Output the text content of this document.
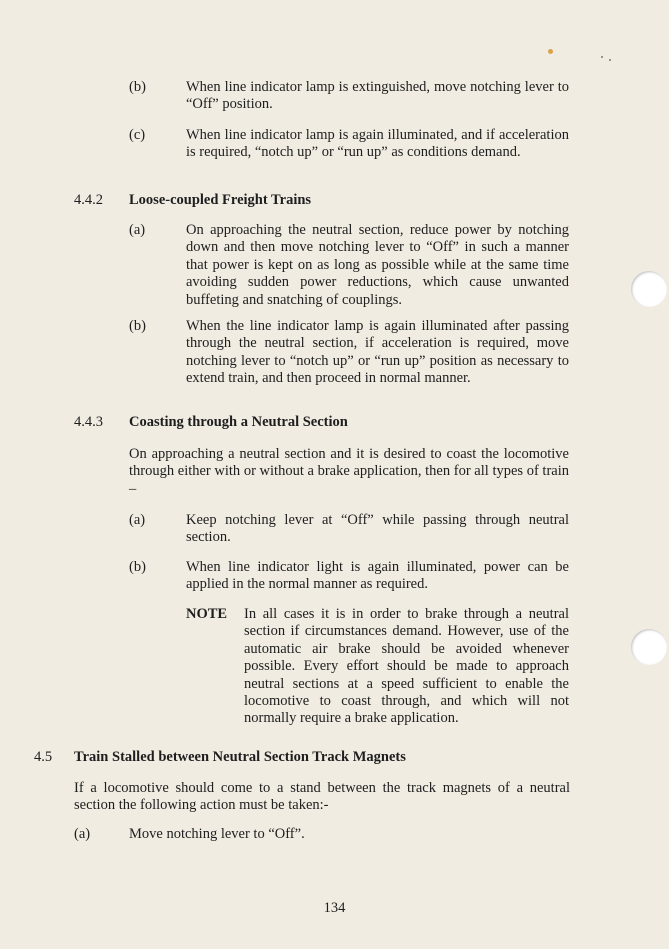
(b)	When line indicator lamp is extinguished, move notching lever to “Off” position.
(c)	When line indicator lamp is again illuminated, and if acceleration is required, “notch up” or “run up” as conditions demand.
4.4.2 Loose-coupled Freight Trains
(a)	On approaching the neutral section, reduce power by notching down and then move notching lever to “Off” in such a manner that power is kept on as long as possible while at the same time avoiding sudden power reductions, which cause unwanted buffeting and snatching of couplings.
(b)	When the line indicator lamp is again illuminated after passing through the neutral section, if acceleration is required, move notching lever to “notch up” or “run up” position as necessary to extend train, and then proceed in normal manner.
4.4.3 Coasting through a Neutral Section
On approaching a neutral section and it is desired to coast the locomotive through either with or without a brake application, then for all types of train –
(a)	Keep notching lever at “Off” while passing through neutral section.
(b)	When line indicator light is again illuminated, power can be applied in the normal manner as required.
NOTE In all cases it is in order to brake through a neutral section if circumstances demand. However, use of the automatic air brake should be avoided whenever possible. Every effort should be made to approach neutral sections at a speed sufficient to enable the locomotive to coast through, and which will not normally require a brake application.
4.5 Train Stalled between Neutral Section Track Magnets
If a locomotive should come to a stand between the track magnets of a neutral section the following action must be taken:-
(a)	Move notching lever to “Off”.
134
